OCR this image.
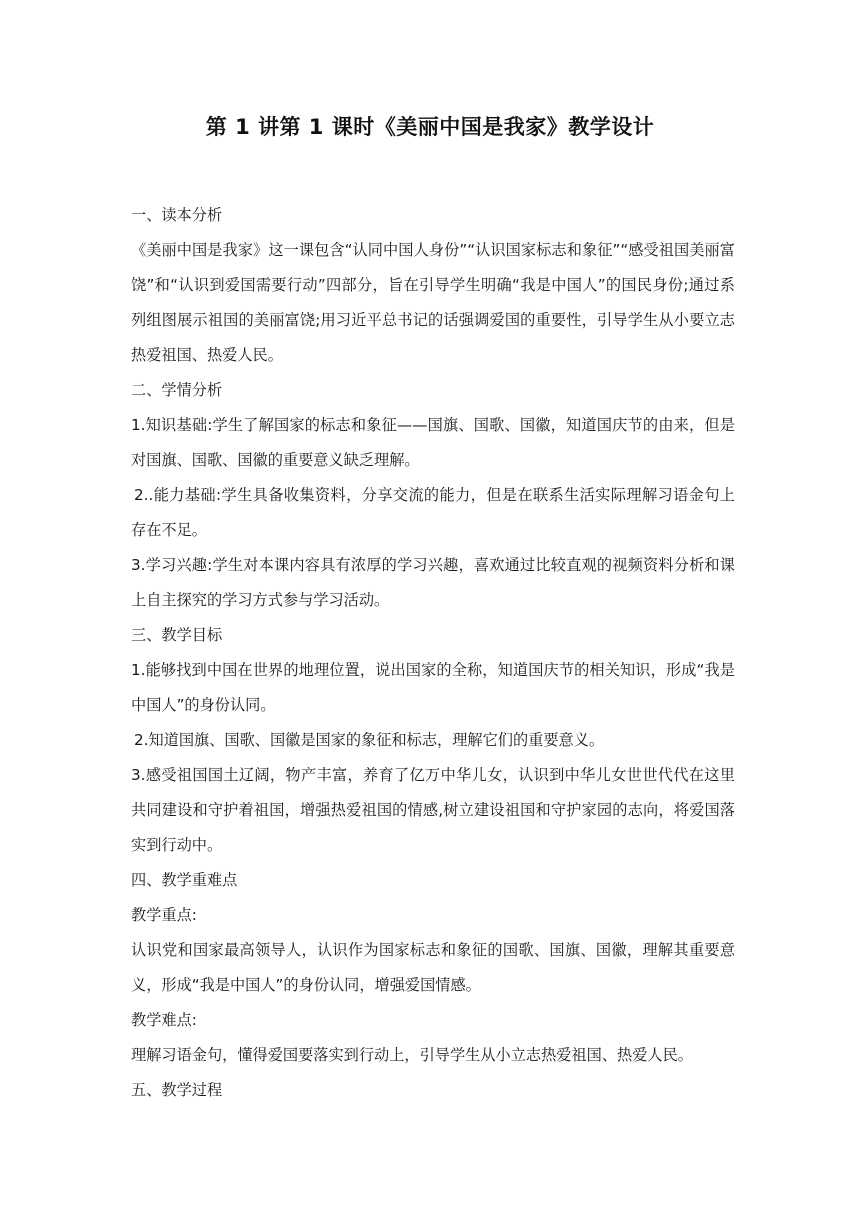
第 1 讲第 1 课时《美丽中国是我家》教学设计

一、读本分析

《美丽中国是我家》这一课包含“认同中国人身份”“认识国家标志和象征”“感受祖国美丽富饶”和“认识到爱国需要行动”四部分，旨在引导学生明确“我是中国人”的国民身份;通过系列组图展示祖国的美丽富饶;用习近平总书记的话强调爱国的重要性，引导学生从小要立志热爱祖国、热爱人民。

二、学情分析

1.知识基础:学生了解国家的标志和象征——国旗、国歌、国徽，知道国庆节的由来，但是对国旗、国歌、国徽的重要意义缺乏理解。

2..能力基础:学生具备收集资料，分享交流的能力，但是在联系生活实际理解习语金句上存在不足。

3.学习兴趣:学生对本课内容具有浓厚的学习兴趣，喜欢通过比较直观的视频资料分析和课上自主探究的学习方式参与学习活动。

三、教学目标

1.能够找到中国在世界的地理位置，说出国家的全称，知道国庆节的相关知识，形成“我是中国人”的身份认同。

2.知道国旗、国歌、国徽是国家的象征和标志，理解它们的重要意义。

3.感受祖国国土辽阔，物产丰富，养育了亿万中华儿女，认识到中华儿女世世代代在这里共同建设和守护着祖国，增强热爱祖国的情感,树立建设祖国和守护家园的志向，将爱国落实到行动中。

四、教学重难点

教学重点:

认识党和国家最高领导人，认识作为国家标志和象征的国歌、国旗、国徽，理解其重要意义，形成“我是中国人”的身份认同，增强爱国情感。

教学难点:

理解习语金句，懂得爱国要落实到行动上，引导学生从小立志热爱祖国、热爱人民。

五、教学过程
